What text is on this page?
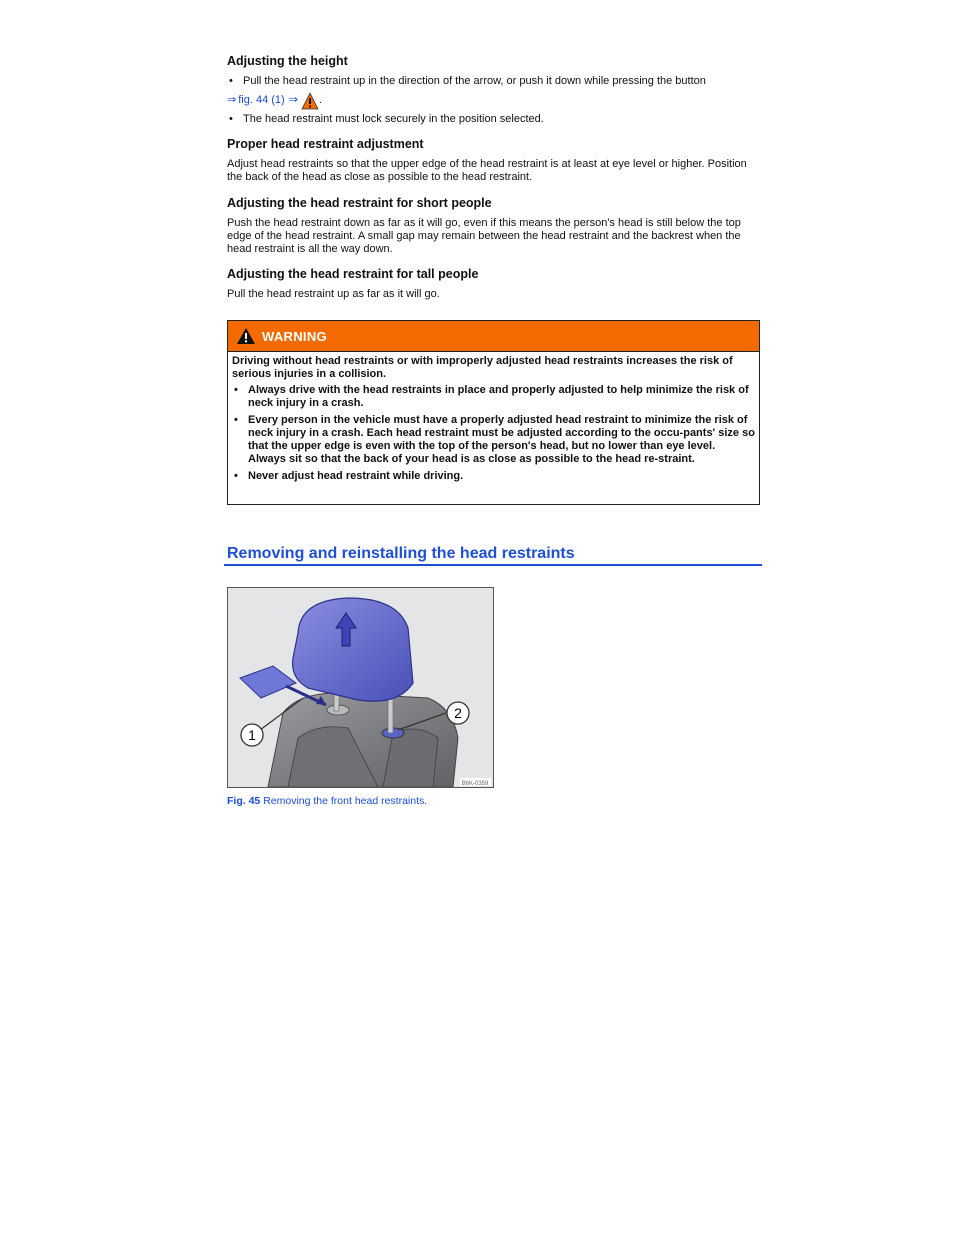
Adjusting the height
• Pull the head restraint up in the direction of the arrow, or push it down while pressing the button
⇒ fig. 44 (1) ⇒ .
• The head restraint must lock securely in the position selected.
Proper head restraint adjustment

Adjust head restraints so that the upper edge of the head restraint is at least at eye level or higher. Position the back of the head as close as possible to the head restraint.

Adjusting the head restraint for short people

Push the head restraint down as far as it will go, even if this means the person's head is still below the top edge of the head restraint. A small gap may remain between the head restraint and the backrest when the head restraint is all the way down.

Adjusting the head restraint for tall people

Pull the head restraint up as far as it will go.

WARNING
Driving without head restraints or with improperly adjusted head restraints increases the risk of serious injuries in a collision.
• Always drive with the head restraints in place and properly adjusted to help minimize the risk of neck injury in a crash.
• Every person in the vehicle must have a properly adjusted head restraint to minimize the risk of neck injury in a crash. Each head restraint must be adjusted according to the occu-pants' size so that the upper edge is even with the top of the person's head, but no lower than eye level. Always sit so that the back of your head is as close as possible to the head re-straint.
• Never adjust head restraint while driving.
Removing and reinstalling the head restraints
1
2
B6K-0359
Fig. 45 Removing the front head restraints.
